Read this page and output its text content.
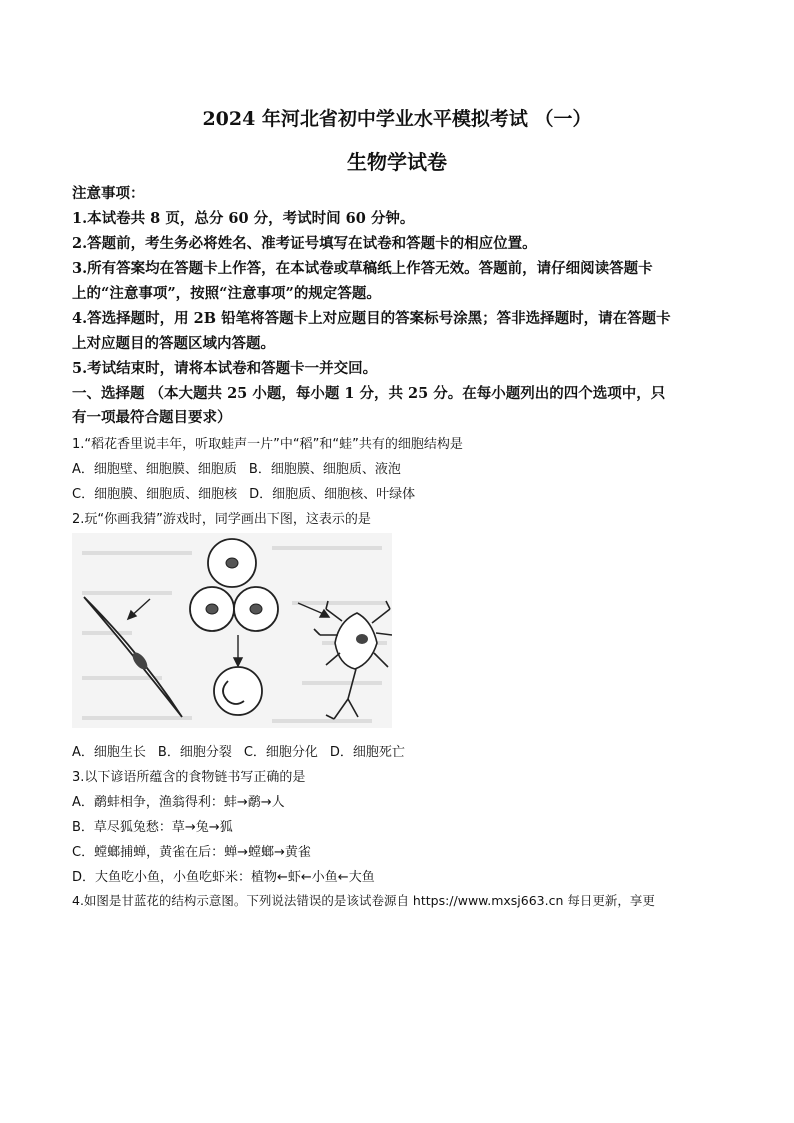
2024 年河北省初中学业水平模拟考试 （一）
生物学试卷
注意事项：
1.本试卷共 8 页，总分 60 分，考试时间 60 分钟。
2.答题前，考生务必将姓名、准考证号填写在试卷和答题卡的相应位置。
3.所有答案均在答题卡上作答，在本试卷或草稿纸上作答无效。答题前，请仔细阅读答题卡
上的“注意事项”，按照“注意事项”的规定答题。
4.答选择题时，用 2B 铅笔将答题卡上对应题目的答案标号涂黑；答非选择题时，请在答题卡
上对应题目的答题区域内答题。
5.考试结束时，请将本试卷和答题卡一并交回。
一、选择题 （本大题共 25 小题，每小题 1 分，共 25 分。在每小题列出的四个选项中，只
有一项最符合题目要求）
1.“稻花香里说丰年，听取蛙声一片”中“稻”和“蛙”共有的细胞结构是
A．细胞壁、细胞膜、细胞质 B．细胞膜、细胞质、液泡
C．细胞膜、细胞质、细胞核 D．细胞质、细胞核、叶绿体
2.玩“你画我猜”游戏时，同学画出下图，这表示的是
A．细胞生长 B．细胞分裂 C．细胞分化 D．细胞死亡
3.以下谚语所蕴含的食物链书写正确的是
A．鹬蚌相争，渔翁得利：蚌→鹬→人
B．草尽狐兔愁：草→兔→狐
C．螳螂捕蝉，黄雀在后：蝉→螳螂→黄雀
D．大鱼吃小鱼，小鱼吃虾米：植物←虾←小鱼←大鱼
4.如图是甘蓝花的结构示意图。下列说法错误的是该试卷源自 https://www.mxsj663.cn 每日更新，享更
